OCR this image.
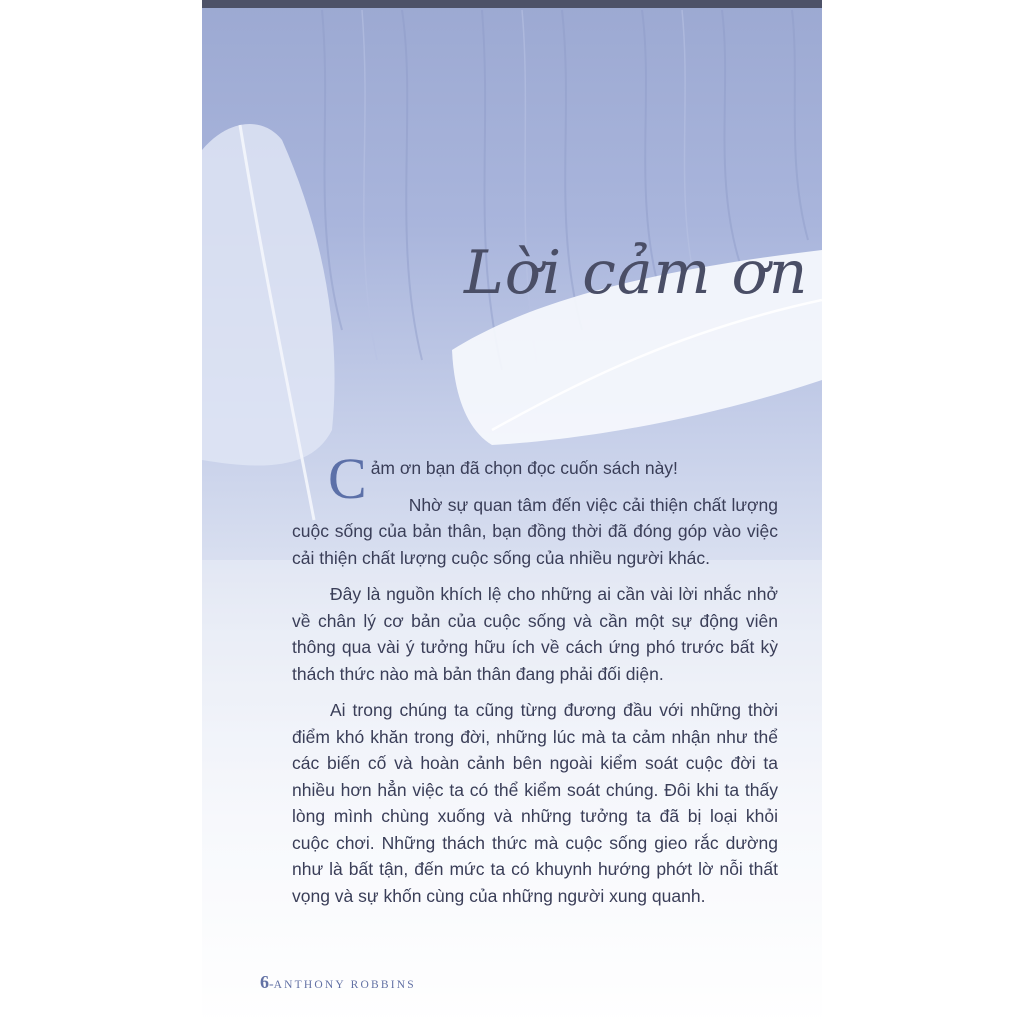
Lời cảm ơn

Cảm ơn bạn đã chọn đọc cuốn sách này!

Nhờ sự quan tâm đến việc cải thiện chất lượng cuộc sống của bản thân, bạn đồng thời đã đóng góp vào việc cải thiện chất lượng cuộc sống của nhiều người khác.

Đây là nguồn khích lệ cho những ai cần vài lời nhắc nhở về chân lý cơ bản của cuộc sống và cần một sự động viên thông qua vài ý tưởng hữu ích về cách ứng phó trước bất kỳ thách thức nào mà bản thân đang phải đối diện.

Ai trong chúng ta cũng từng đương đầu với những thời điểm khó khăn trong đời, những lúc mà ta cảm nhận như thể các biến cố và hoàn cảnh bên ngoài kiểm soát cuộc đời ta nhiều hơn hẳn việc ta có thể kiểm soát chúng. Đôi khi ta thấy lòng mình chùng xuống và những tưởng ta đã bị loại khỏi cuộc chơi. Những thách thức mà cuộc sống gieo rắc dường như là bất tận, đến mức ta có khuynh hướng phớt lờ nỗi thất vọng và sự khốn cùng của những người xung quanh.

6-ANTHONY ROBBINS
